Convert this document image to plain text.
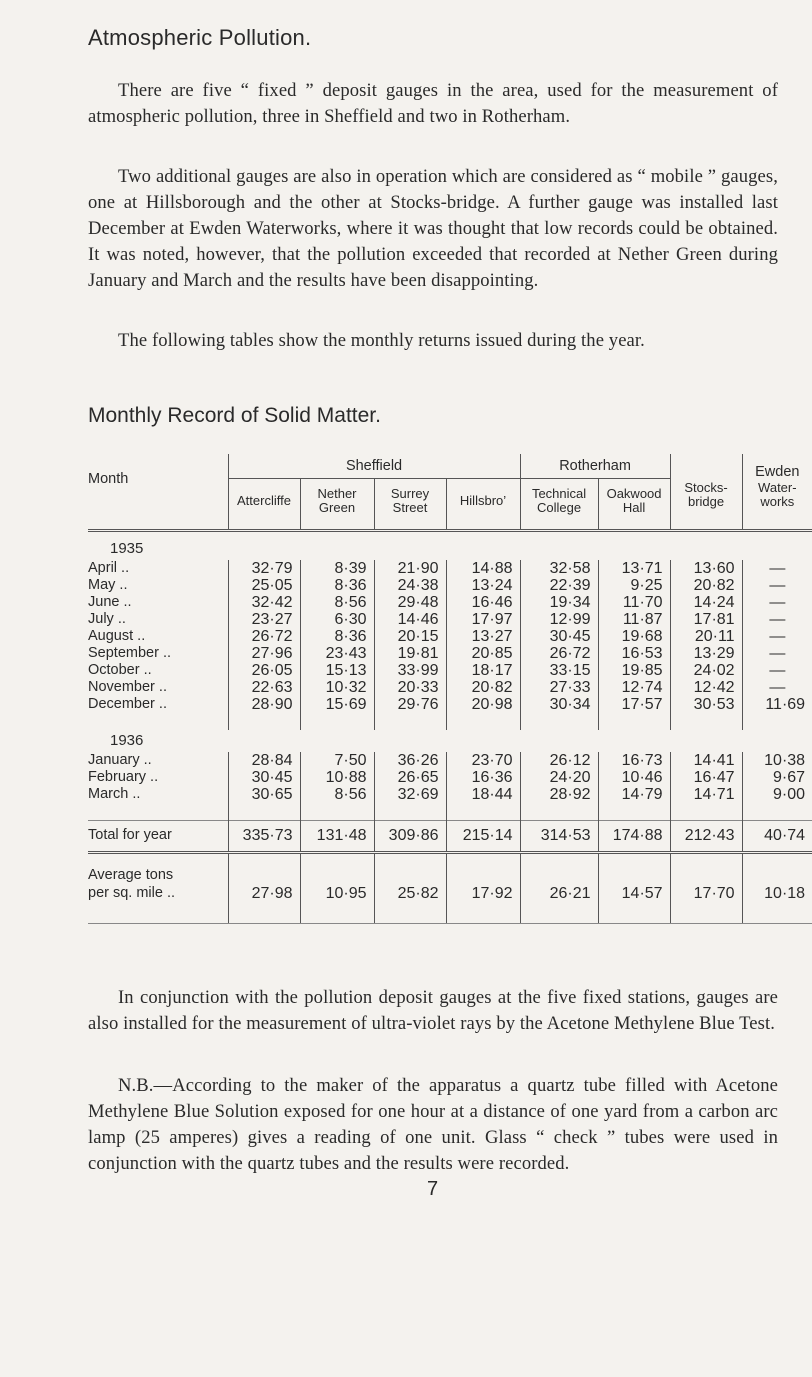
Atmospheric Pollution.

There are five “ fixed ” deposit gauges in the area, used for the measurement of atmospheric pollution, three in Sheffield and two in Rotherham.

Two additional gauges are also in operation which are considered as “ mobile ” gauges, one at Hillsborough and the other at Stocks-bridge. A further gauge was installed last December at Ewden Waterworks, where it was thought that low records could be obtained. It was noted, however, that the pollution exceeded that recorded at Nether Green during January and March and the results have been disappointing.

The following tables show the monthly returns issued during the year.

Monthly Record of Solid Matter.
Month	Sheffield				Rotherham			Ewden
	Attercliffe	Nether Green	Surrey Street	Hillsbro’	Technical College	Oakwood Hall	Stocks- bridge	Water- works

1935								
April ..	32·79	8·39	21·90	14·88	32·58	13·71	13·60	—
May ..	25·05	8·36	24·38	13·24	22·39	9·25	20·82	—
June ..	32·42	8·56	29·48	16·46	19·34	11·70	14·24	—
July ..	23·27	6·30	14·46	17·97	12·99	11·87	17·81	—
August ..	26·72	8·36	20·15	13·27	30·45	19·68	20·11	—
September ..	27·96	23·43	19·81	20·85	26·72	16·53	13·29	—
October ..	26·05	15·13	33·99	18·17	33·15	19·85	24·02	—
November ..	22·63	10·32	20·33	20·82	27·33	12·74	12·42	—
December ..	28·90	15·69	29·76	20·98	30·34	17·57	30·53	11·69

1936								
January ..	28·84	7·50	36·26	23·70	26·12	16·73	14·41	10·38
February ..	30·45	10·88	26·65	16·36	24·20	10·46	16·47	9·67
March ..	30·65	8·56	32·69	18·44	28·92	14·79	14·71	9·00

Total for year	335·73	131·48	309·86	215·14	314·53	174·88	212·43	40·74
Average tons
per sq. mile ..	27·98	10·95	25·82	17·92	26·21	14·57	17·70	10·18

In conjunction with the pollution deposit gauges at the five fixed stations, gauges are also installed for the measurement of ultra-violet rays by the Acetone Methylene Blue Test.

N.B.—According to the maker of the apparatus a quartz tube filled with Acetone Methylene Blue Solution exposed for one hour at a distance of one yard from a carbon arc lamp (25 amperes) gives a reading of one unit. Glass “ check ” tubes were used in conjunction with the quartz tubes and the results were recorded.

7
